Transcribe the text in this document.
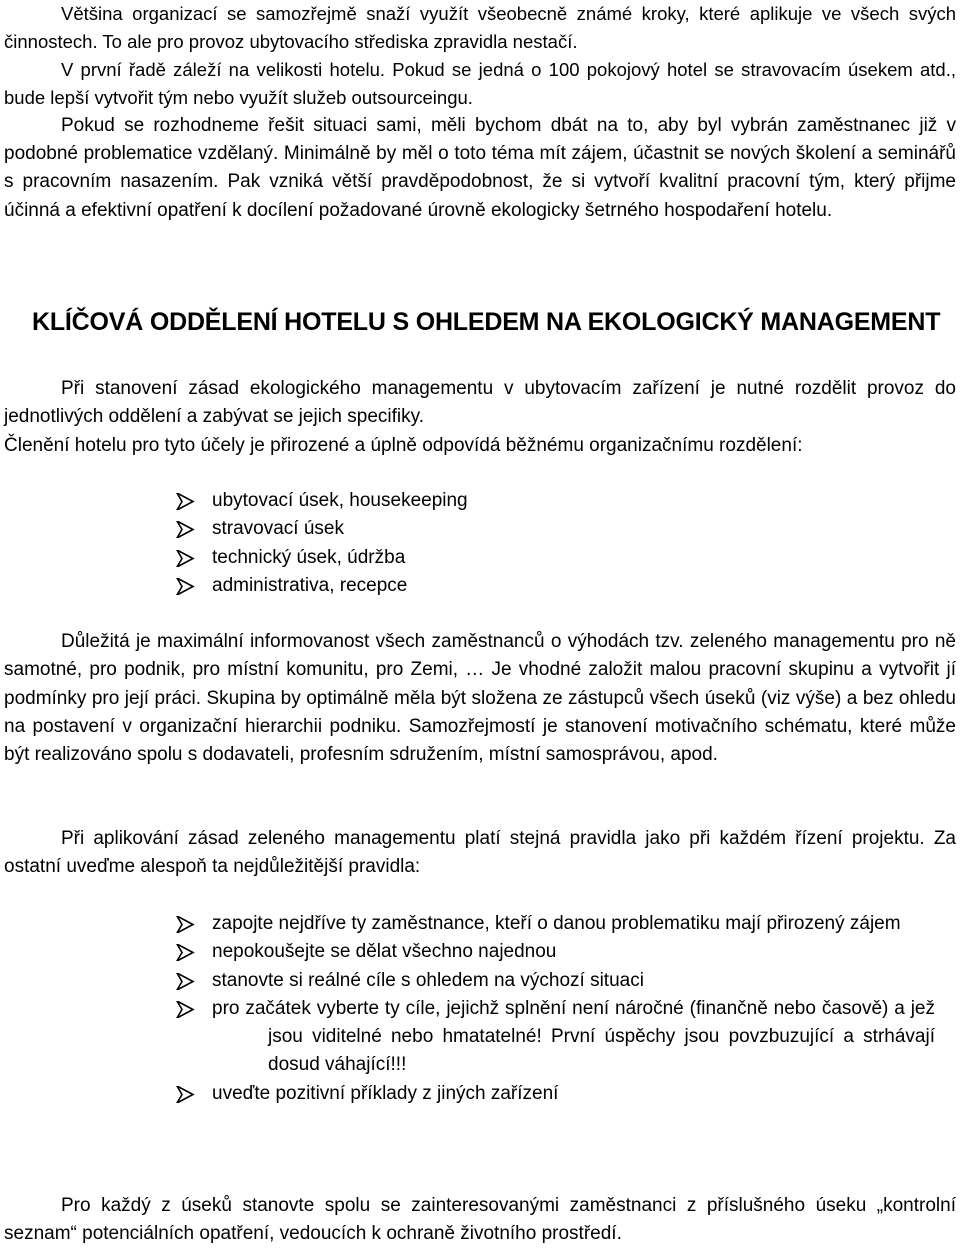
Většina organizací se samozřejmě snaží využít všeobecně známé kroky, které aplikuje ve všech svých činnostech. To ale pro provoz ubytovacího střediska zpravidla nestačí.

V první řadě záleží na velikosti hotelu. Pokud se jedná o 100 pokojový hotel se stravovacím úsekem atd., bude lepší vytvořit tým nebo využít služeb outsourceingu.

Pokud se rozhodneme řešit situaci sami, měli bychom dbát na to, aby byl vybrán zaměstnanec již v podobné problematice vzdělaný. Minimálně by měl o toto téma mít zájem, účastnit se nových školení a seminářů s pracovním nasazením. Pak vzniká větší pravděpodobnost, že si vytvoří kvalitní pracovní tým, který přijme účinná a efektivní opatření k docílení požadované úrovně ekologicky šetrného hospodaření hotelu.

KLÍČOVÁ ODDĚLENÍ HOTELU S OHLEDEM NA EKOLOGICKÝ MANAGEMENT

Při stanovení zásad ekologického managementu v ubytovacím zařízení je nutné rozdělit provoz do jednotlivých oddělení a zabývat se jejich specifiky.

Členění hotelu pro tyto účely je přirozené a úplně odpovídá běžnému organizačnímu rozdělení:

ubytovací úsek, housekeeping
stravovací úsek
technický úsek, údržba
administrativa, recepce

Důležitá je maximální informovanost všech zaměstnanců o výhodách tzv. zeleného managementu pro ně samotné, pro podnik, pro místní komunitu, pro Zemi, … Je vhodné založit malou pracovní skupinu a vytvořit jí podmínky pro její práci. Skupina by optimálně měla být složena ze zástupců všech úseků (viz výše) a bez ohledu na postavení v organizační hierarchii podniku. Samozřejmostí je stanovení motivačního schématu, které může být realizováno spolu s dodavateli, profesním sdružením, místní samosprávou, apod.

Při aplikování zásad zeleného managementu platí stejná pravidla jako při každém řízení projektu. Za ostatní uveďme alespoň ta nejdůležitější pravidla:

zapojte nejdříve ty zaměstnance, kteří o danou problematiku mají přirozený zájem
nepokoušejte se dělat všechno najednou
stanovte si reálné cíle s ohledem na výchozí situaci
pro začátek vyberte ty cíle, jejichž splnění není náročné (finančně nebo časově) a jež jsou viditelné nebo hmatatelné! První úspěchy jsou povzbuzující a strhávají dosud váhající!!!
uveďte pozitivní příklady z jiných zařízení

Pro každý z úseků stanovte spolu se zainteresovanými zaměstnanci z příslušného úseku „kontrolní seznam“ potenciálních opatření, vedoucích k ochraně životního prostředí.
